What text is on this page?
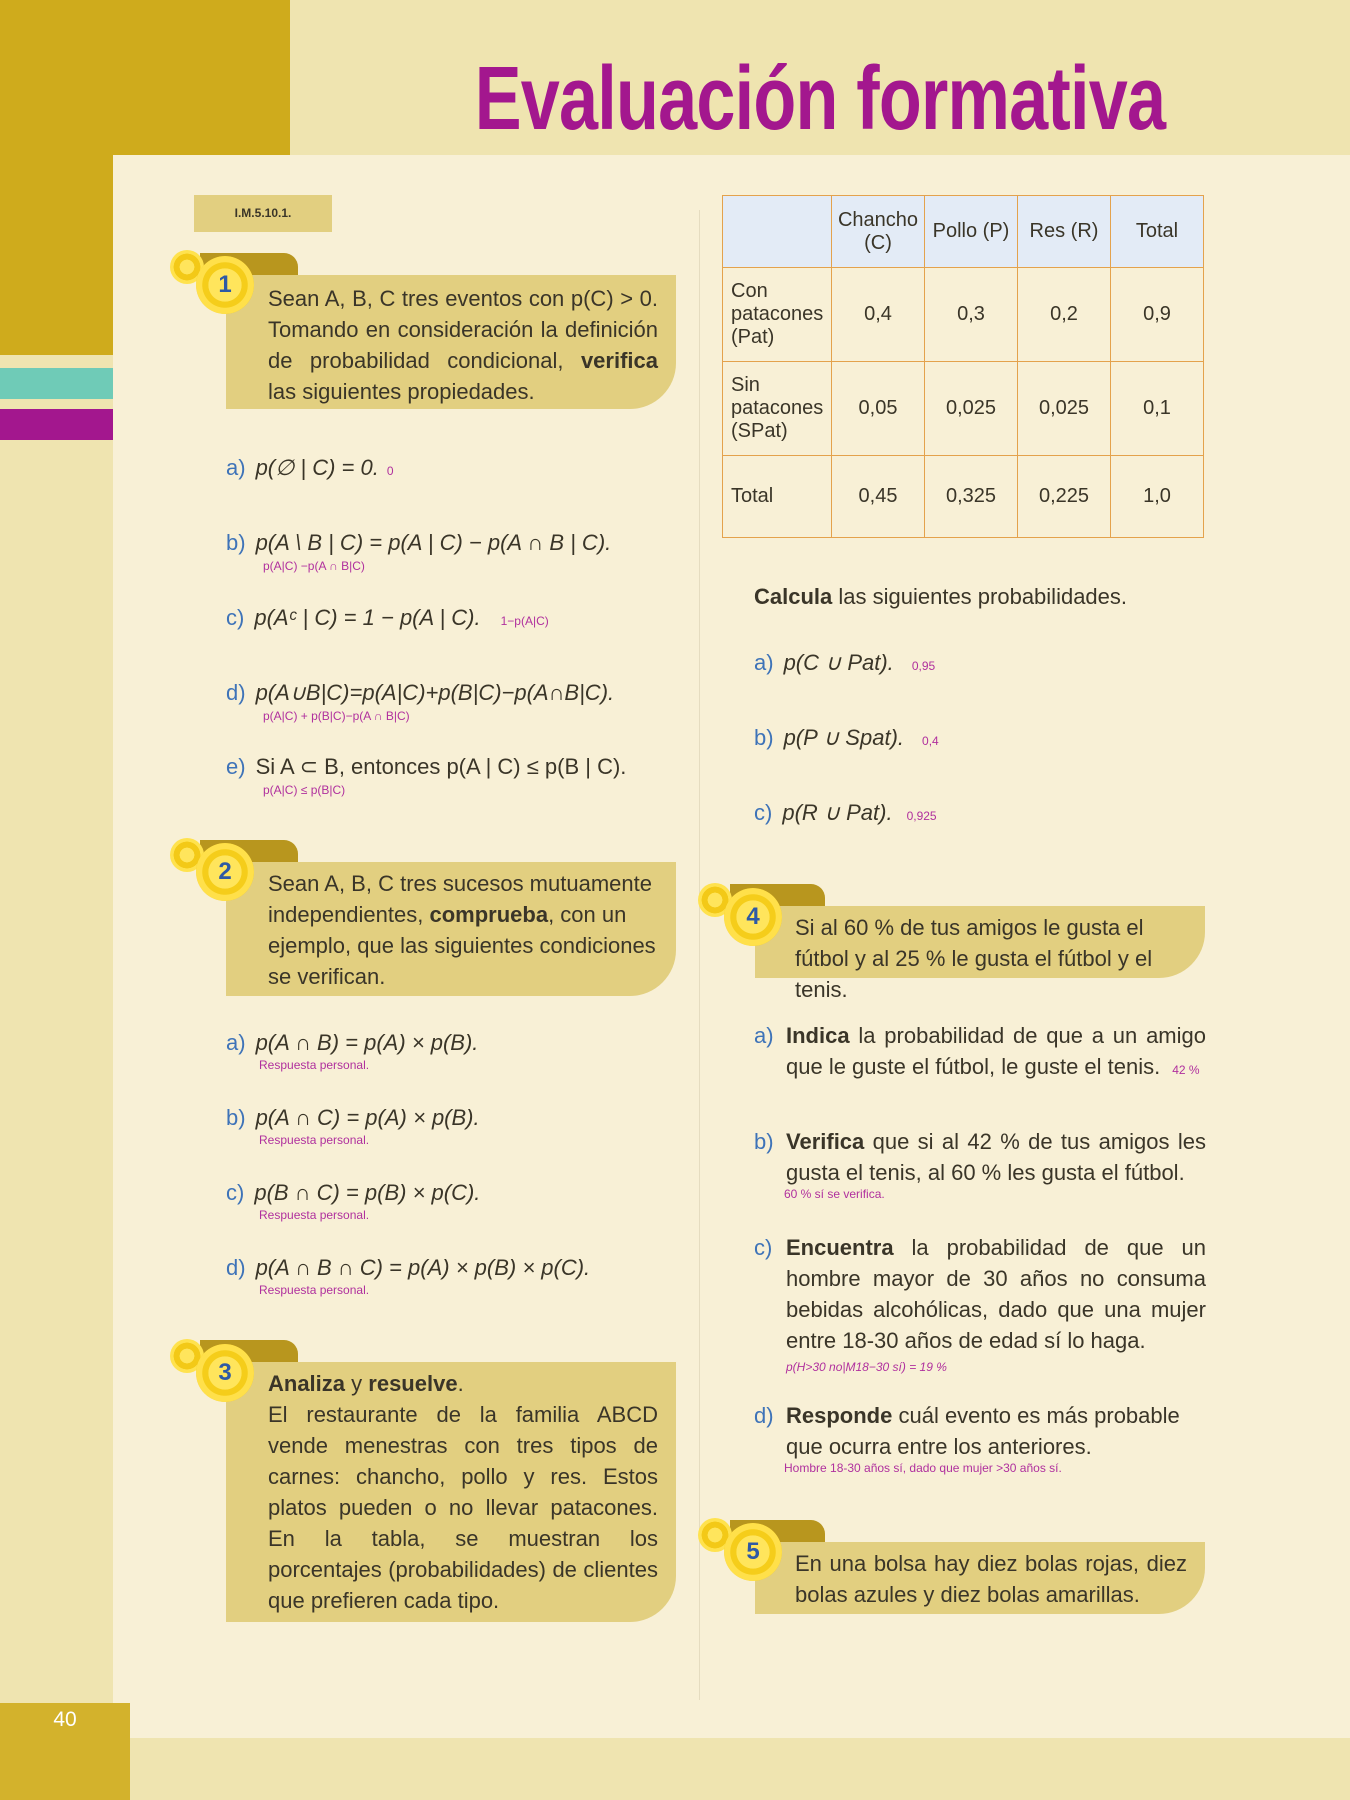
40
Evaluación formativa
I.M.5.10.1.
Sean A, B, C tres eventos con p(C) > 0. Tomando en consideración la definición de probabilidad condicional, verifica las siguientes propiedades.
1
a) p(∅ | C) = 0. 0
b) p(A \ B | C) = p(A | C) − p(A ∩ B | C).
p(A|C) −p(A ∩ B|C)
c) p(Aᶜ | C) = 1 − p(A | C). 1−p(A|C)
d) p(A∪B|C)=p(A|C)+p(B|C)−p(A∩B|C).
p(A|C) + p(B|C)−p(A ∩ B|C)
e) Si A ⊂ B, entonces p(A | C) ≤ p(B | C).
p(A|C) ≤ p(B|C)
Sean A, B, C tres sucesos mutuamente independientes, comprueba, con un ejemplo, que las siguientes condiciones se verifican.
2
a) p(A ∩ B) = p(A) × p(B).
Respuesta personal.
b) p(A ∩ C) = p(A) × p(B).
Respuesta personal.
c) p(B ∩ C) = p(B) × p(C).
Respuesta personal.
d) p(A ∩ B ∩ C) = p(A) × p(B) × p(C).
Respuesta personal.
Analiza y resuelve.
El restaurante de la familia ABCD vende menestras con tres tipos de carnes: chancho, pollo y res. Estos platos pueden o no llevar patacones. En la tabla, se muestran los porcentajes (probabilidades) de clientes que prefieren cada tipo.
3
	Chancho (C)	Pollo (P)	Res (R)	Total
Con patacones (Pat)	0,4	0,3	0,2	0,9
Sin patacones (SPat)	0,05	0,025	0,025	0,1
Total	0,45	0,325	0,225	1,0
Calcula las siguientes probabilidades.
a) p(C ∪ Pat). 0,95
b) p(P ∪ Spat). 0,4
c) p(R ∪ Pat). 0,925
Si al 60 % de tus amigos le gusta el fútbol y al 25 % le gusta el fútbol y el tenis.
4
a) Indica la probabilidad de que a un amigo que le guste el fútbol, le guste el tenis. 42 %
b) Verifica que si al 42 % de tus amigos les gusta el tenis, al 60 % les gusta el fútbol.
60 % sí se verifica.
c) Encuentra la probabilidad de que un hombre mayor de 30 años no consuma bebidas alcohólicas, dado que una mujer entre 18-30 años de edad sí lo haga.
p(H>30 no|M18−30 sí) = 19 %
d) Responde cuál evento es más probable que ocurra entre los anteriores.
Hombre 18-30 años sí, dado que mujer >30 años sí.
En una bolsa hay diez bolas rojas, diez bolas azules y diez bolas amarillas.
5
